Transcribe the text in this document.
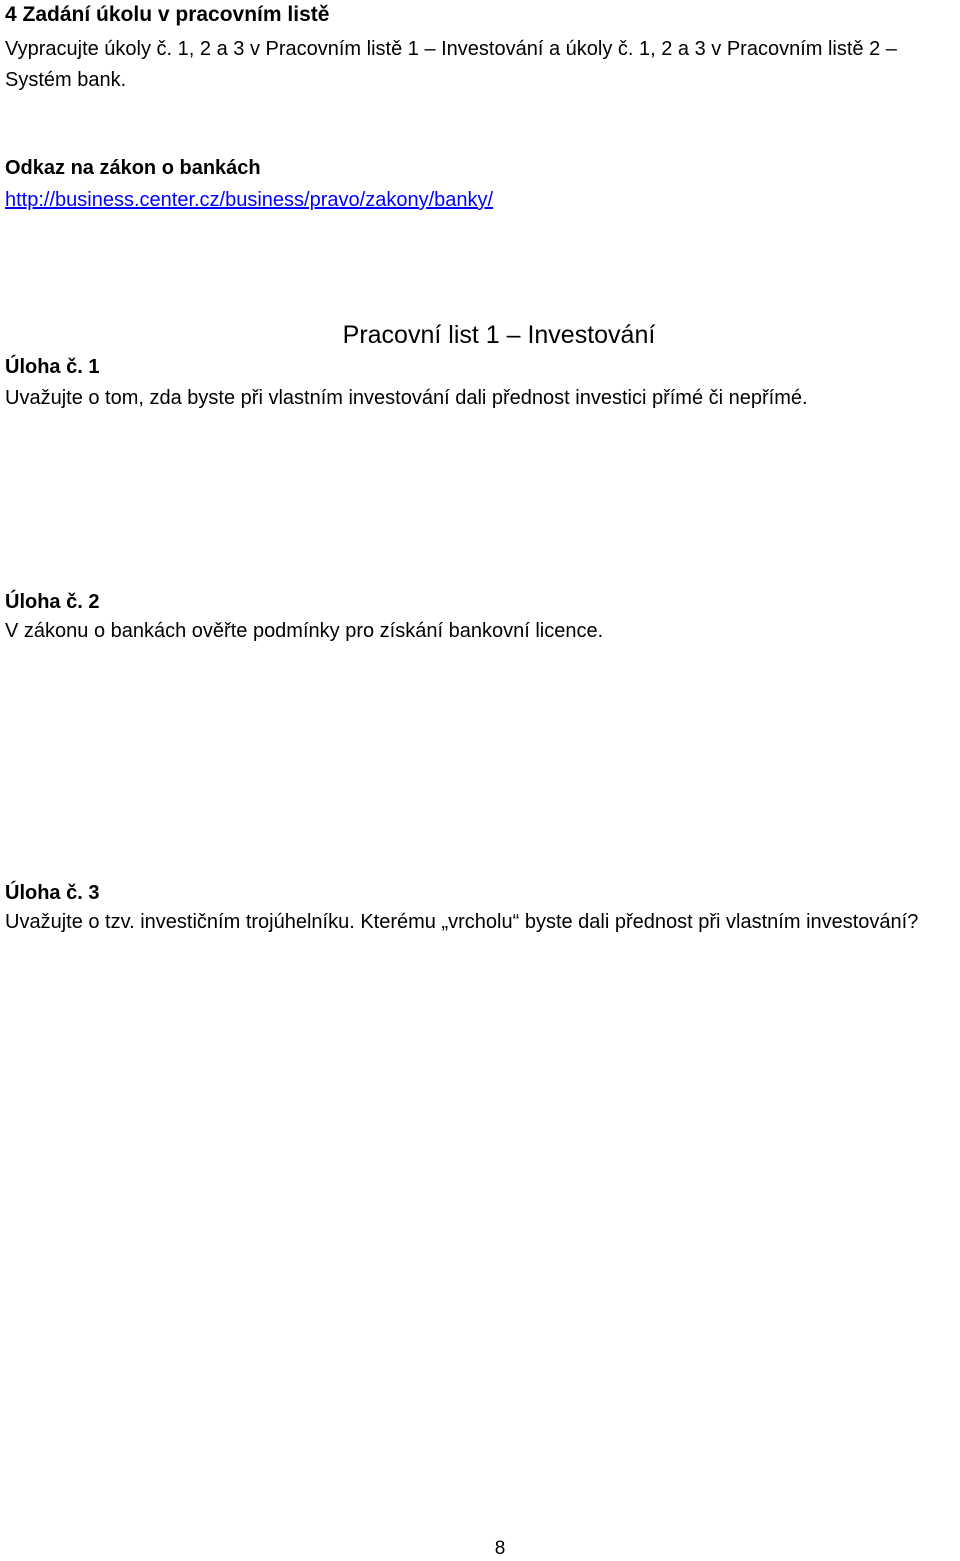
4 Zadání úkolu v pracovním listě
Vypracujte úkoly č. 1, 2 a 3 v Pracovním listě 1 – Investování a úkoly č. 1, 2 a 3 v Pracovním listě 2 – Systém bank.
Odkaz na zákon o bankách
http://business.center.cz/business/pravo/zakony/banky/
Pracovní list 1 – Investování
Úloha č. 1
Uvažujte o tom, zda byste při vlastním investování dali přednost investici přímé či nepřímé.
Úloha č. 2
V zákonu o bankách ověřte podmínky pro získání bankovní licence.
Úloha č. 3
Uvažujte o tzv. investičním trojúhelníku. Kterému „vrcholu“ byste dali přednost při vlastním investování?
8
